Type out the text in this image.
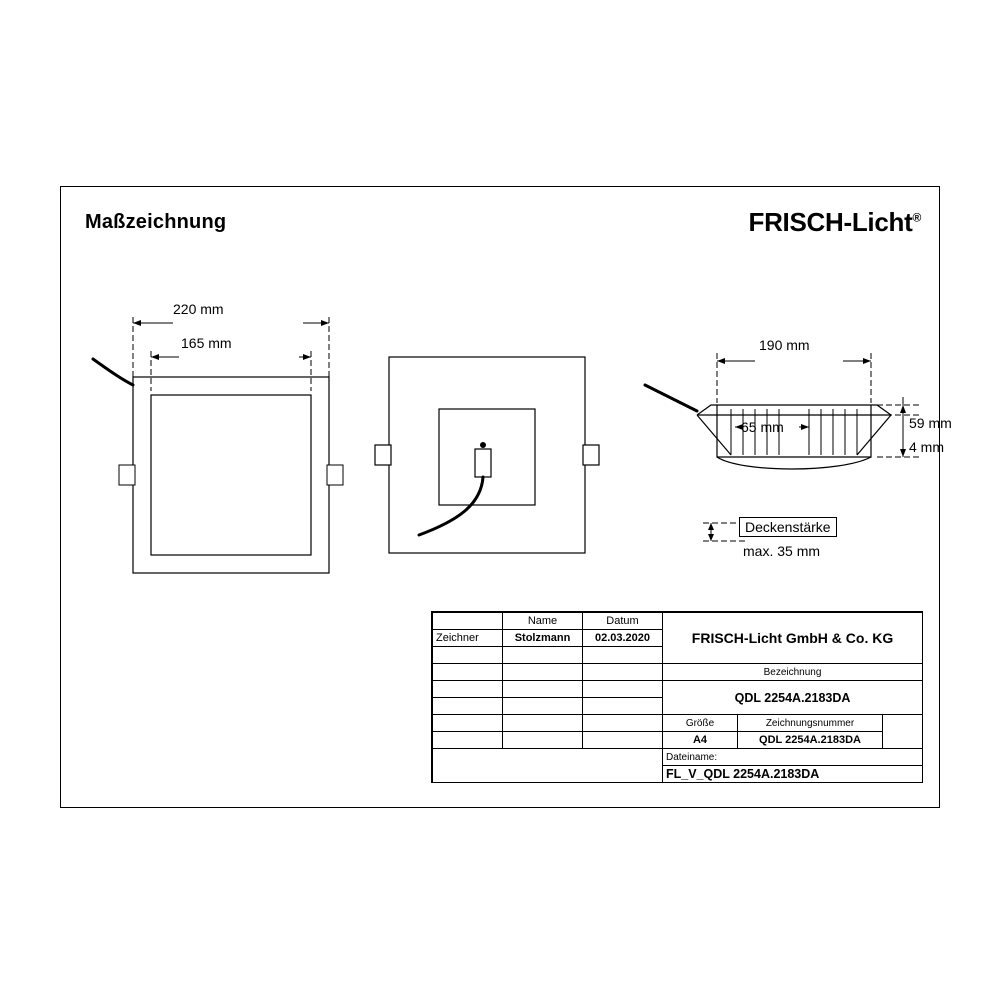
Maßzeichnung	FRISCH-Licht®
220 mm
165 mm	190 mm
65 mm	59 mm
4 mm
Deckenstärke
max. 35 mm
	Name	Datum	FRISCH-Licht GmbH & Co. KG		
Zeichner	Stolzmann	02.03.2020			

			Bezeichnung		
			QDL 2254A.2183DA		

			Größe	Zeichnungsnummer	
			A4	QDL 2254A.2183DA	
			Dateiname:		
			FL_V_QDL 2254A.2183DA		
